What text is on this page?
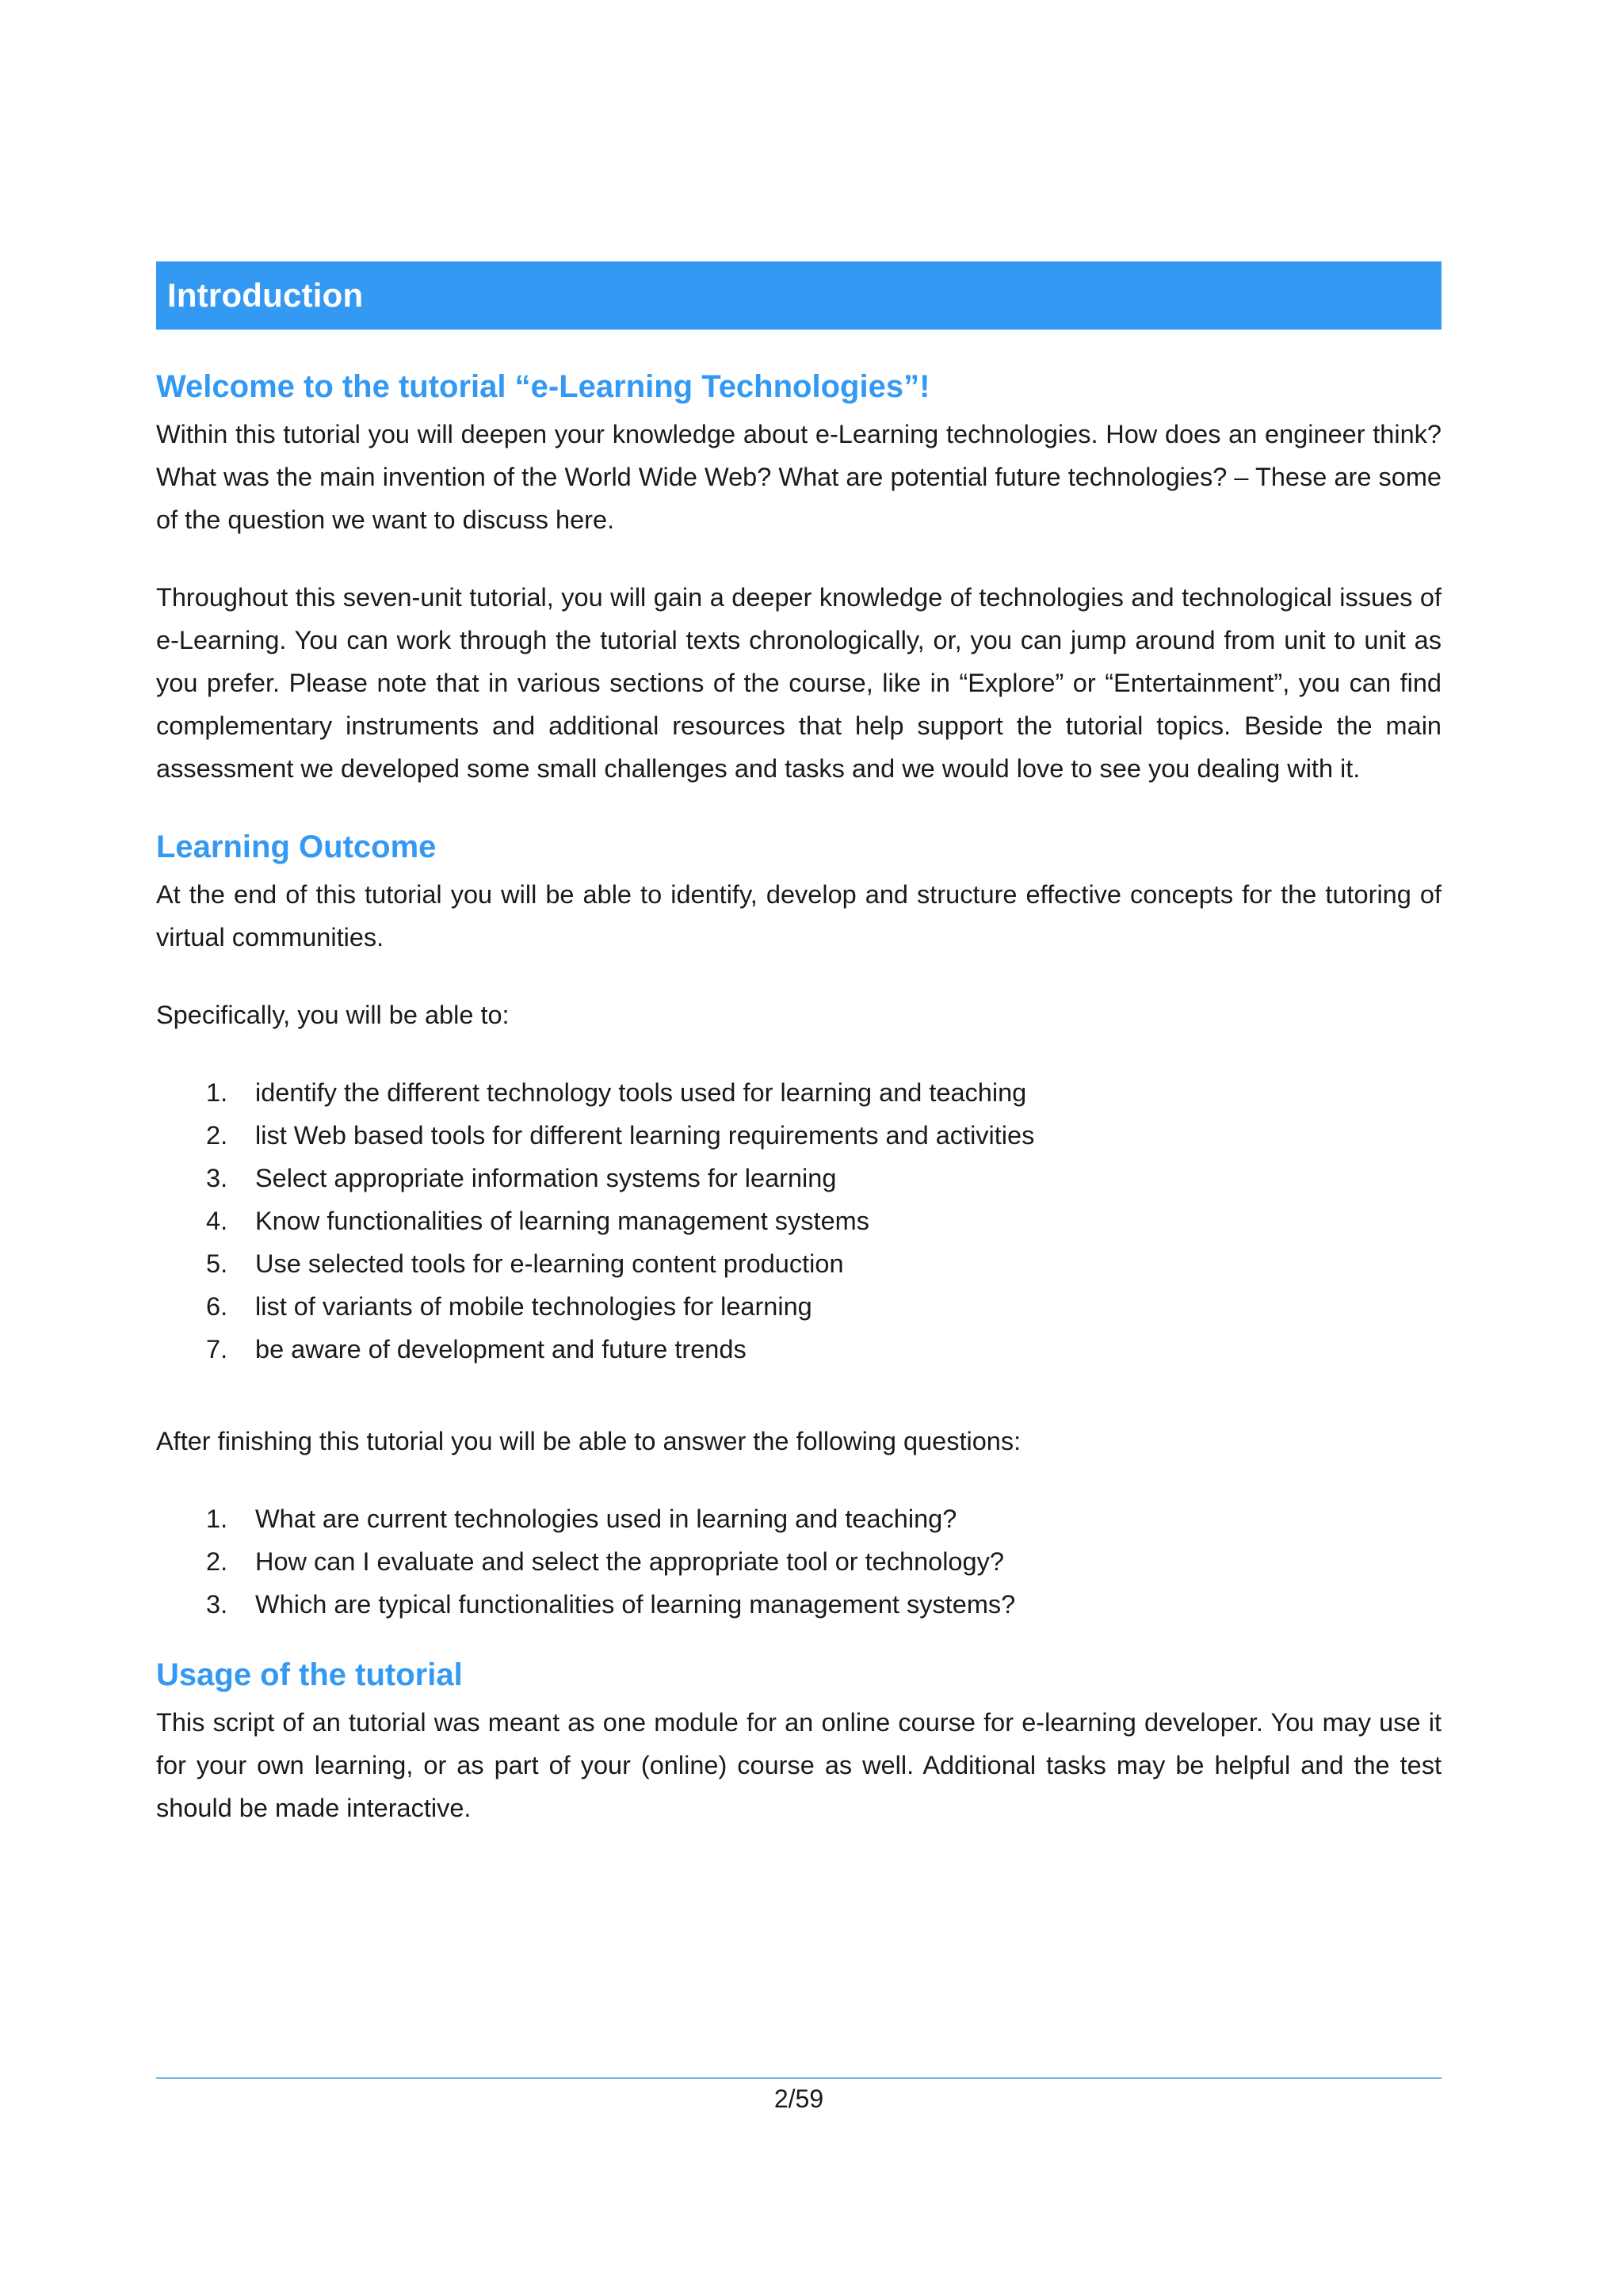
Introduction
Welcome to the tutorial “e-Learning Technologies”!

Within this tutorial you will deepen your knowledge about e-Learning technologies. How does an engineer think? What was the main invention of the World Wide Web? What are potential future technologies? – These are some of the question we want to discuss here.

Throughout this seven-unit tutorial, you will gain a deeper knowledge of technologies and technological issues of e-Learning. You can work through the tutorial texts chronologically, or, you can jump around from unit to unit as you prefer. Please note that in various sections of the course, like in “Explore” or “Entertainment”, you can find complementary instruments and additional resources that help support the tutorial topics. Beside the main assessment we developed some small challenges and tasks and we would love to see you dealing with it.

Learning Outcome

At the end of this tutorial you will be able to identify, develop and structure effective concepts for the tutoring of virtual communities.

Specifically, you will be able to:

1.	identify the different technology tools used for learning and teaching
2.	list Web based tools for different learning requirements and activities
3.	Select appropriate information systems for learning
4.	Know functionalities of learning management systems
5.	Use selected tools for e-learning content production
6.	list of variants of mobile technologies for learning
7.	be aware of development and future trends

After finishing this tutorial you will be able to answer the following questions:

1.	What are current technologies used in learning and teaching?
2.	How can I evaluate and select the appropriate tool or technology?
3.	Which are typical functionalities of learning management systems?
Usage of the tutorial

This script of an tutorial was meant as one module for an online course for e-learning developer. You may use it for your own learning, or as part of your (online) course as well. Additional tasks may be helpful and the test should be made interactive.

2/59
